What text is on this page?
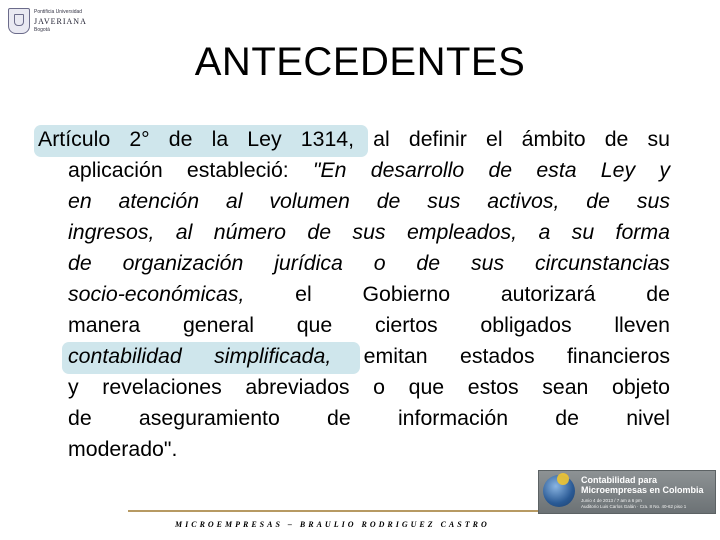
Pontificia Universidad
JAVERIANA
Bogotá
ANTECEDENTES
Artículo 2° de la Ley 1314, al definir el ámbito de su
aplicación estableció: "En desarrollo de esta Ley y
en atención al volumen de sus activos, de sus
ingresos, al número de sus empleados, a su forma
de organización jurídica o de sus circunstancias
socio-económicas, el Gobierno autorizará de
manera general que ciertos obligados lleven
contabilidad simplificada, emitan estados financieros
y revelaciones abreviados o que estos sean objeto
de aseguramiento de información de nivel
moderado".
MICROEMPRESAS – BRAULIO RODRIGUEZ CASTRO
Contabilidad para
Microempresas en Colombia
Junio 4 de 2013 / 7 am a 6 pm
Auditorio Luis Carlos Galán · Cra. 8 No. 40-62 piso 1
